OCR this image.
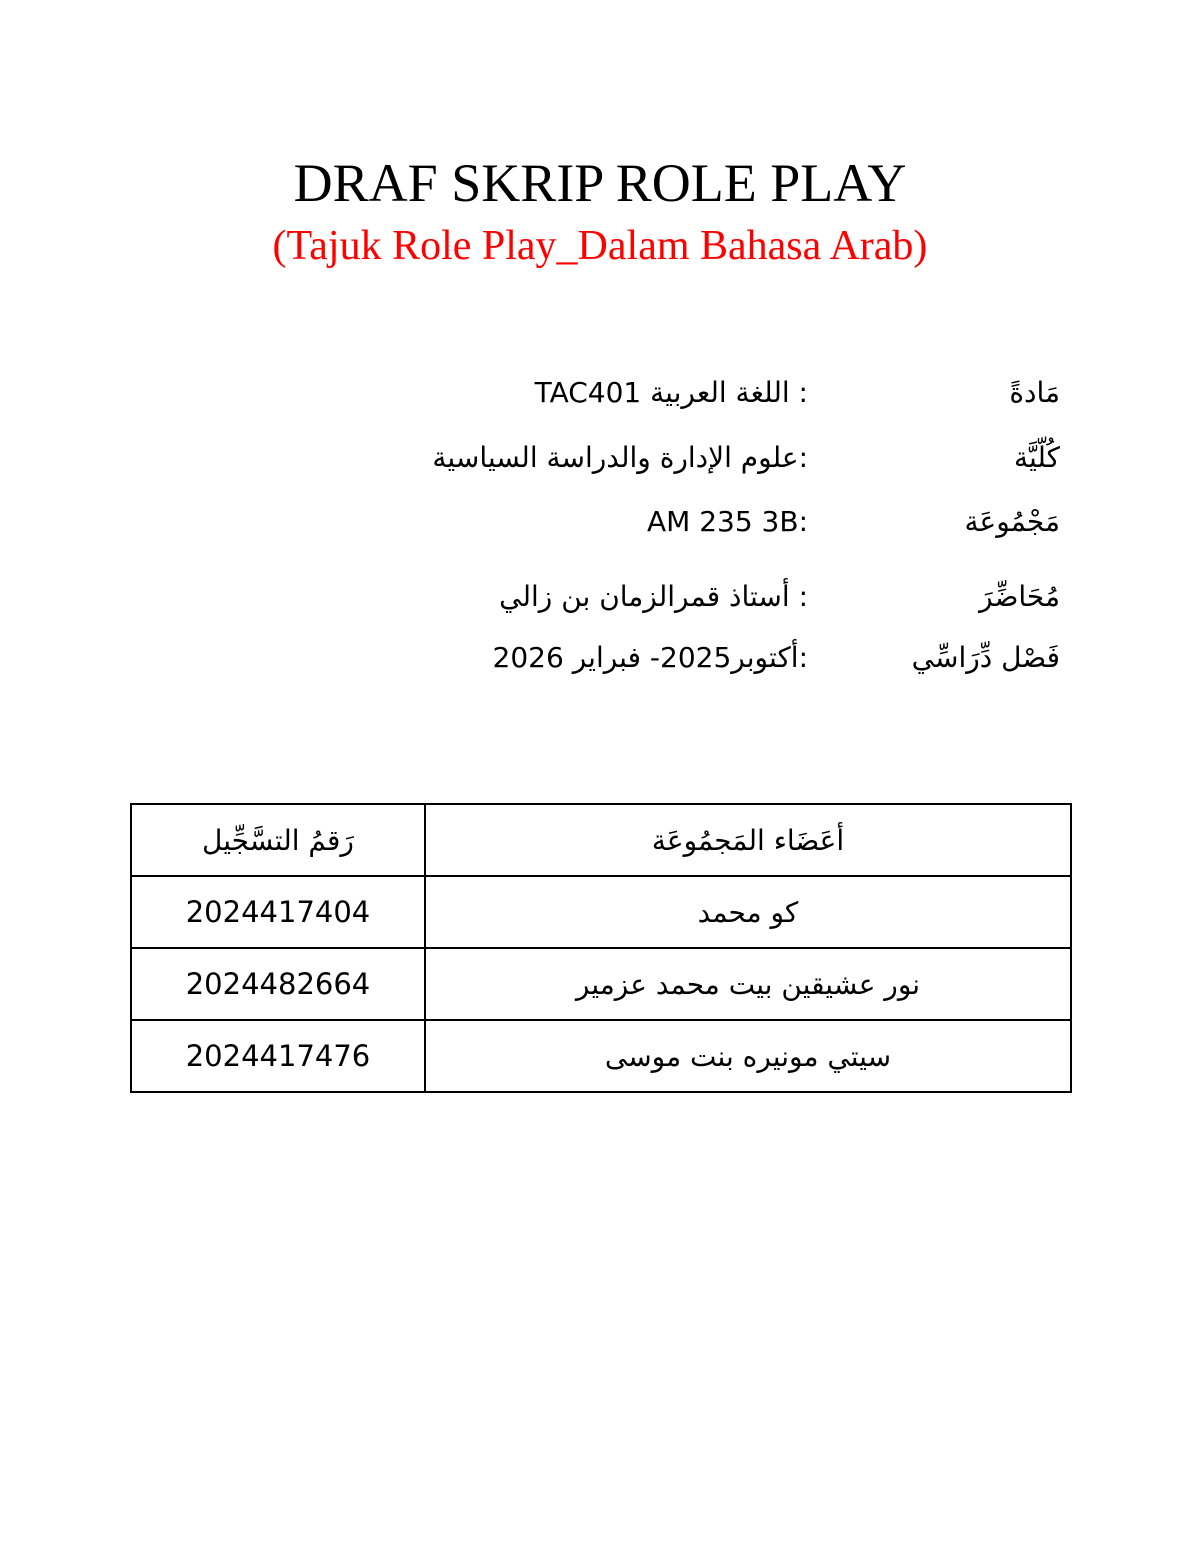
DRAF SKRIP ROLE PLAY
(Tajuk Role Play_Dalam Bahasa Arab)
مَادةً
: اللغة العربية TAC401
كُلّيَّة
:علوم الإدارة والدراسة السياسية
مَجْمُوعَة
AM 235 3B:
مُحَاضِّرَ
: أستاذ قمرالزمان بن زالي
فَصْل دِّرَاسِّي
:أكتوبر2025- فبراير 2026
رَقمُ التسَّجِّيل	أعَضَاء المَجمُوعَة
2024417404	كو محمد
2024482664	نور عشيقين بيت محمد عزمير
2024417476	سيتي مونيره بنت موسى
